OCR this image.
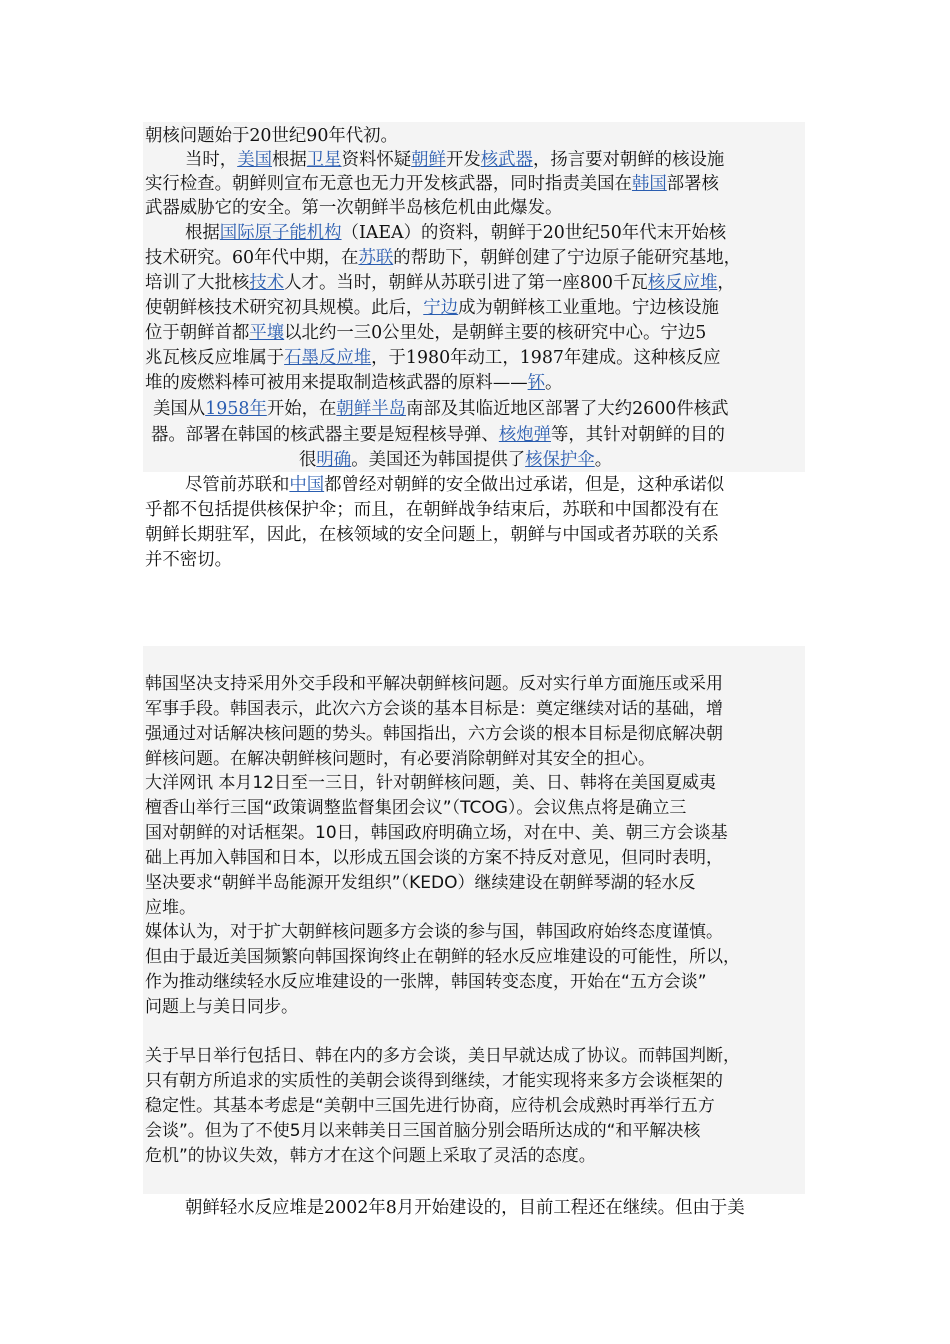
朝核问题始于20世纪90年代初。
当时，美国根据卫星资料怀疑朝鲜开发核武器，扬言要对朝鲜的核设施
实行检查。朝鲜则宣布无意也无力开发核武器，同时指责美国在韩国部署核
武器威胁它的安全。第一次朝鲜半岛核危机由此爆发。
根据国际原子能机构（IAEA）的资料，朝鲜于20世纪50年代末开始核
技术研究。60年代中期，在苏联的帮助下，朝鲜创建了宁边原子能研究基地，
培训了大批核技术人才。当时，朝鲜从苏联引进了第一座800千瓦核反应堆，
使朝鲜核技术研究初具规模。此后，宁边成为朝鲜核工业重地。宁边核设施
位于朝鲜首都平壤以北约一三0公里处，是朝鲜主要的核研究中心。宁边5
兆瓦核反应堆属于石墨反应堆，于1980年动工，1987年建成。这种核反应
堆的废燃料棒可被用来提取制造核武器的原料——钚。
美国从1958年开始，在朝鲜半岛南部及其临近地区部署了大约2600件核武
器。部署在韩国的核武器主要是短程核导弹、核炮弹等，其针对朝鲜的目的
很明确。美国还为韩国提供了核保护伞。
尽管前苏联和中国都曾经对朝鲜的安全做出过承诺，但是，这种承诺似
乎都不包括提供核保护伞；而且，在朝鲜战争结束后，苏联和中国都没有在
朝鲜长期驻军，因此，在核领域的安全问题上，朝鲜与中国或者苏联的关系
并不密切。
韩国坚决支持采用外交手段和平解决朝鲜核问题。反对实行单方面施压或采用
军事手段。韩国表示，此次六方会谈的基本目标是：奠定继续对话的基础，增
强通过对话解决核问题的势头。韩国指出，六方会谈的根本目标是彻底解决朝
鲜核问题。在解决朝鲜核问题时，有必要消除朝鲜对其安全的担心。
大洋网讯 本月12日至一三日，针对朝鲜核问题，美、日、韩将在美国夏威夷
檀香山举行三国“政策调整监督集团会议”（TCOG）。会议焦点将是确立三
国对朝鲜的对话框架。10日，韩国政府明确立场，对在中、美、朝三方会谈基
础上再加入韩国和日本，以形成五国会谈的方案不持反对意见，但同时表明，
坚决要求“朝鲜半岛能源开发组织”（KEDO）继续建设在朝鲜琴湖的轻水反
应堆。
媒体认为，对于扩大朝鲜核问题多方会谈的参与国，韩国政府始终态度谨慎。
但由于最近美国频繁向韩国探询终止在朝鲜的轻水反应堆建设的可能性，所以，
作为推动继续轻水反应堆建设的一张牌，韩国转变态度，开始在“五方会谈”
问题上与美日同步。
关于早日举行包括日、韩在内的多方会谈，美日早就达成了协议。而韩国判断，
只有朝方所追求的实质性的美朝会谈得到继续，才能实现将来多方会谈框架的
稳定性。其基本考虑是“美朝中三国先进行协商，应待机会成熟时再举行五方
会谈”。但为了不使5月以来韩美日三国首脑分别会晤所达成的“和平解决核
危机”的协议失效，韩方才在这个问题上采取了灵活的态度。
朝鲜轻水反应堆是2002年8月开始建设的，目前工程还在继续。但由于美
